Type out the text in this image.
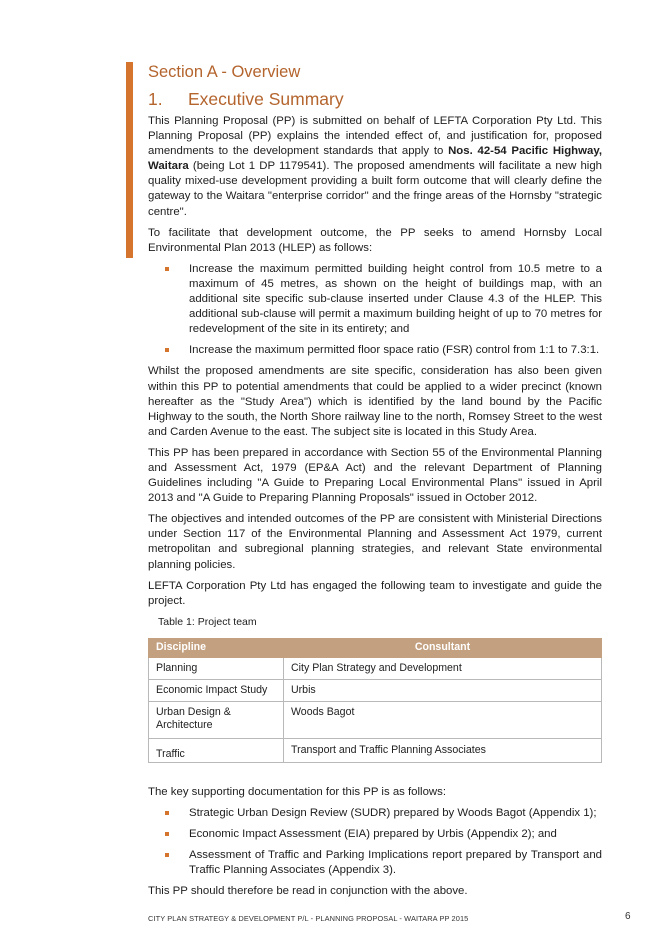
Section A - Overview
1. Executive Summary

This Planning Proposal (PP) is submitted on behalf of LEFTA Corporation Pty Ltd. This Planning Proposal (PP) explains the intended effect of, and justification for, proposed amendments to the development standards that apply to Nos. 42-54 Pacific Highway, Waitara (being Lot 1 DP 1179541). The proposed amendments will facilitate a new high quality mixed-use development providing a built form outcome that will clearly define the gateway to the Waitara "enterprise corridor" and the fringe areas of the Hornsby "strategic centre".

To facilitate that development outcome, the PP seeks to amend Hornsby Local Environmental Plan 2013 (HLEP) as follows:

Increase the maximum permitted building height control from 10.5 metre to a maximum of 45 metres, as shown on the height of buildings map, with an additional site specific sub-clause inserted under Clause 4.3 of the HLEP. This additional sub-clause will permit a maximum building height of up to 70 metres for redevelopment of the site in its entirety; and
Increase the maximum permitted floor space ratio (FSR) control from 1:1 to 7.3:1.

Whilst the proposed amendments are site specific, consideration has also been given within this PP to potential amendments that could be applied to a wider precinct (known hereafter as the "Study Area") which is identified by the land bound by the Pacific Highway to the south, the North Shore railway line to the north, Romsey Street to the west and Carden Avenue to the east. The subject site is located in this Study Area.

This PP has been prepared in accordance with Section 55 of the Environmental Planning and Assessment Act, 1979 (EP&A Act) and the relevant Department of Planning Guidelines including "A Guide to Preparing Local Environmental Plans" issued in April 2013 and "A Guide to Preparing Planning Proposals" issued in October 2012.

The objectives and intended outcomes of the PP are consistent with Ministerial Directions under Section 117 of the Environmental Planning and Assessment Act 1979, current metropolitan and subregional planning strategies, and relevant State environmental planning policies.

LEFTA Corporation Pty Ltd has engaged the following team to investigate and guide the project.

Table 1: Project team
Discipline	Consultant
Planning	City Plan Strategy and Development
Economic Impact Study	Urbis
Urban Design & Architecture	Woods Bagot
Traffic	Transport and Traffic Planning Associates

The key supporting documentation for this PP is as follows:

Strategic Urban Design Review (SUDR) prepared by Woods Bagot (Appendix 1);
Economic Impact Assessment (EIA) prepared by Urbis (Appendix 2); and
Assessment of Traffic and Parking Implications report prepared by Transport and Traffic Planning Associates (Appendix 3).

This PP should therefore be read in conjunction with the above.

CITY PLAN STRATEGY & DEVELOPMENT P/L - PLANNING PROPOSAL - WAITARA PP 2015	6
